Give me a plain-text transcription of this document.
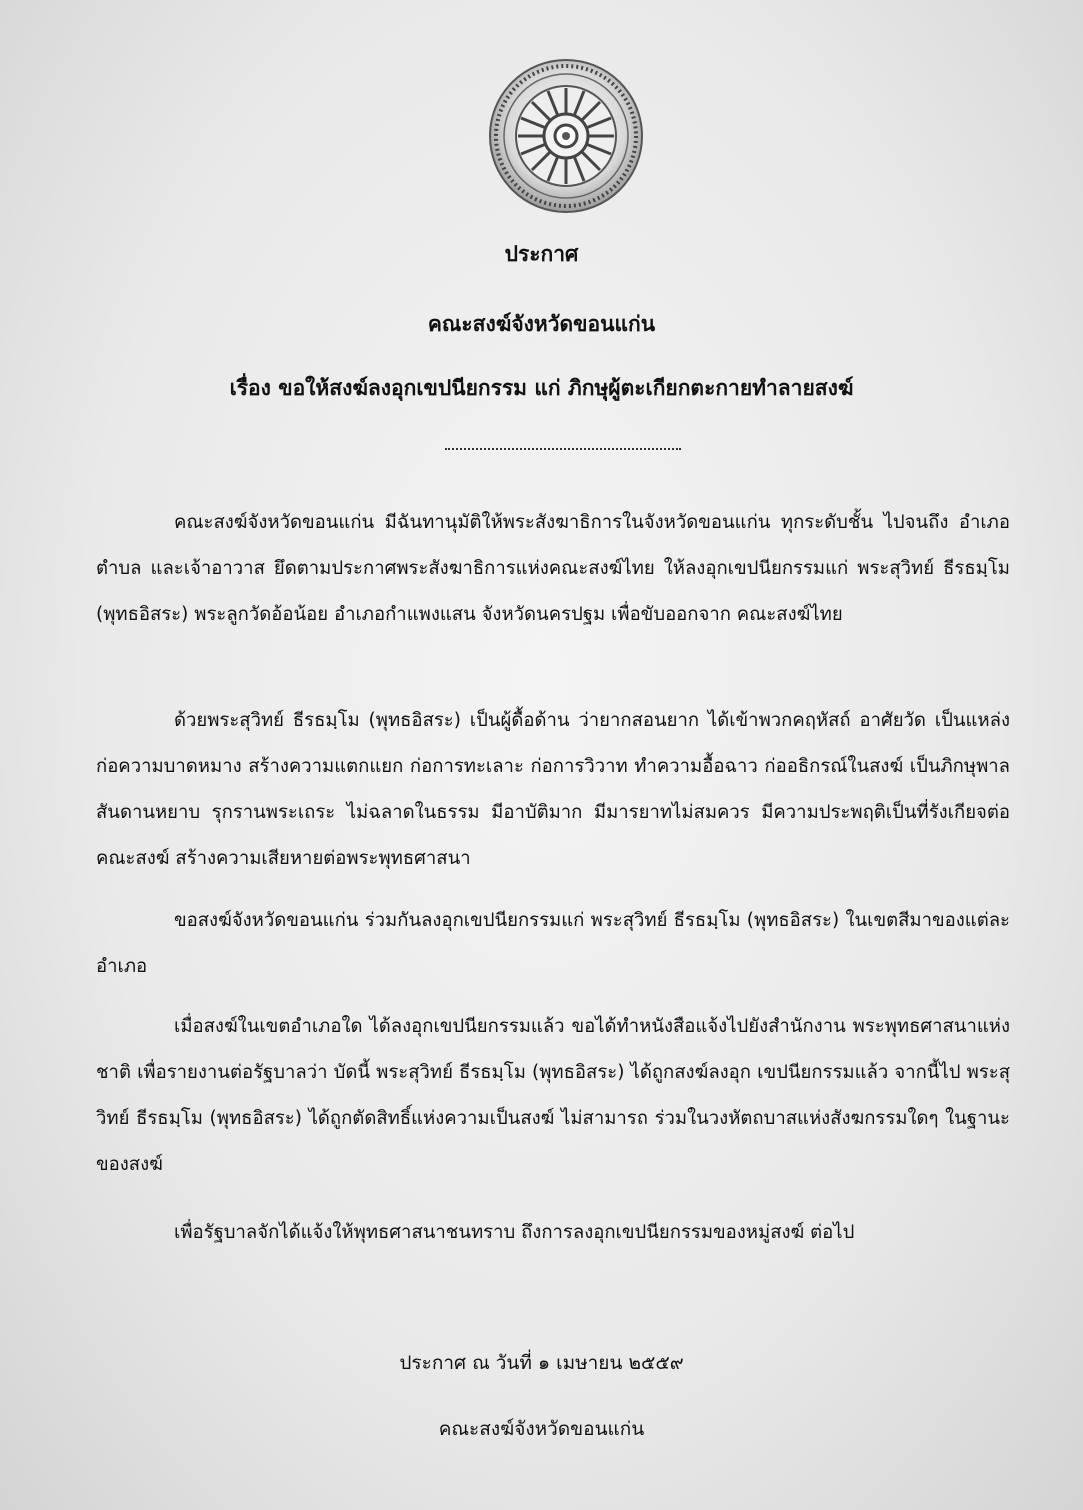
ประกาศ
คณะสงฆ์จังหวัดขอนแก่น
เรื่อง ขอให้สงฆ์ลงอุกเขปนียกรรม แก่ ภิกษุผู้ตะเกียกตะกายทำลายสงฆ์
คณะสงฆ์จังหวัดขอนแก่น มีฉันทานุมัติให้พระสังฆาธิการในจังหวัดขอนแก่น ทุกระดับชั้น ไปจนถึง อำเภอ ตำบล และเจ้าอาวาส ยึดตามประกาศพระสังฆาธิการแห่งคณะสงฆ์ไทย ให้ลงอุกเขปนียกรรมแก่ พระสุวิทย์ ธีรธมฺโม (พุทธอิสระ) พระลูกวัดอ้อน้อย อำเภอกำแพงแสน จังหวัดนครปฐม เพื่อขับออกจาก คณะสงฆ์ไทย
ด้วยพระสุวิทย์ ธีรธมฺโม (พุทธอิสระ) เป็นผู้ดื้อด้าน ว่ายากสอนยาก ได้เข้าพวกคฤหัสถ์ อาศัยวัด เป็นแหล่งก่อความบาดหมาง สร้างความแตกแยก ก่อการทะเลาะ ก่อการวิวาท ทำความอื้อฉาว ก่ออธิกรณ์ในสงฆ์ เป็นภิกษุพาล สันดานหยาบ รุกรานพระเถระ ไม่ฉลาดในธรรม มีอาบัติมาก มีมารยาทไม่สมควร มีความประพฤติเป็นที่รังเกียจต่อคณะสงฆ์ สร้างความเสียหายต่อพระพุทธศาสนา
ขอสงฆ์จังหวัดขอนแก่น ร่วมกันลงอุกเขปนียกรรมแก่ พระสุวิทย์ ธีรธมฺโม (พุทธอิสระ) ในเขตสีมาของแต่ละอำเภอ
เมื่อสงฆ์ในเขตอำเภอใด ได้ลงอุกเขปนียกรรมแล้ว ขอได้ทำหนังสือแจ้งไปยังสำนักงาน พระพุทธศาสนาแห่งชาติ เพื่อรายงานต่อรัฐบาลว่า บัดนี้ พระสุวิทย์ ธีรธมฺโม (พุทธอิสระ) ได้ถูกสงฆ์ลงอุก เขปนียกรรมแล้ว จากนี้ไป พระสุวิทย์ ธีรธมฺโม (พุทธอิสระ) ได้ถูกตัดสิทธิ์แห่งความเป็นสงฆ์ ไม่สามารถ ร่วมในวงหัตถบาสแห่งสังฆกรรมใดๆ ในฐานะของสงฆ์
เพื่อรัฐบาลจักได้แจ้งให้พุทธศาสนาชนทราบ ถึงการลงอุกเขปนียกรรมของหมู่สงฆ์ ต่อไป
ประกาศ ณ วันที่ ๑ เมษายน ๒๕๕๙
คณะสงฆ์จังหวัดขอนแก่น
